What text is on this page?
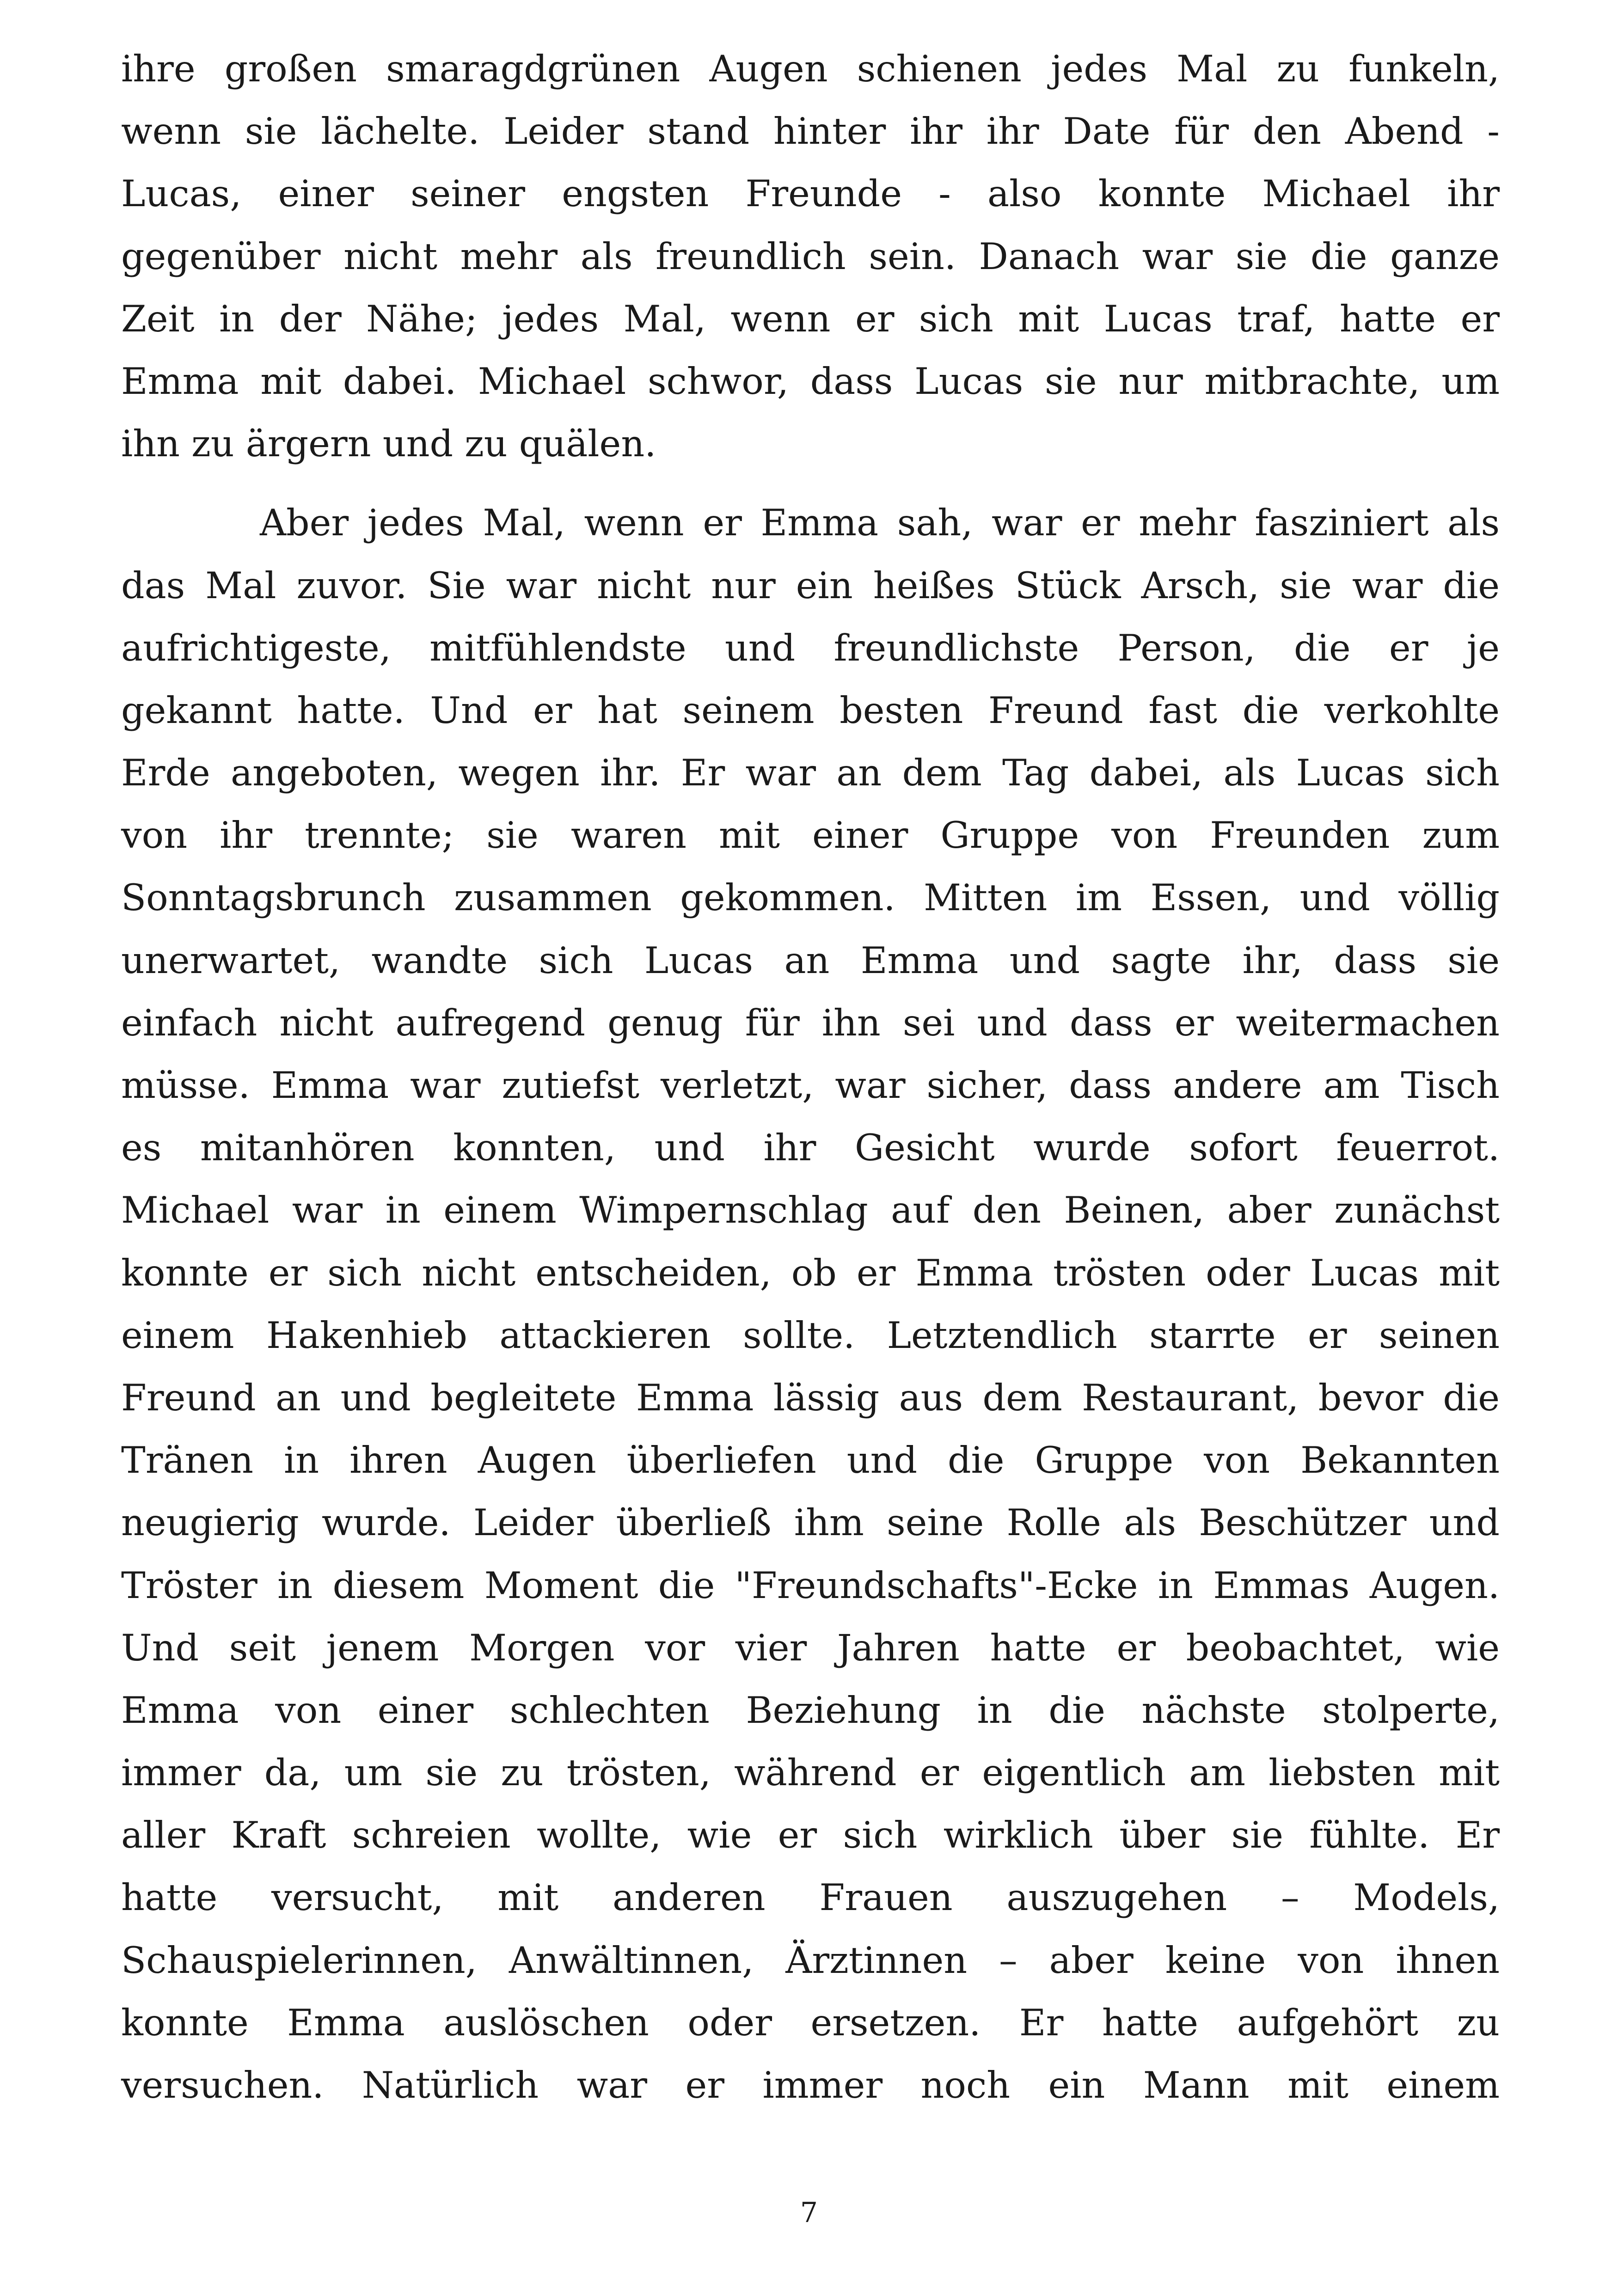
ihre großen smaragdgrünen Augen schienen jedes Mal zu funkeln,
wenn sie lächelte. Leider stand hinter ihr ihr Date für den Abend -
Lucas, einer seiner engsten Freunde - also konnte Michael ihr
gegenüber nicht mehr als freundlich sein. Danach war sie die ganze
Zeit in der Nähe; jedes Mal, wenn er sich mit Lucas traf, hatte er
Emma mit dabei. Michael schwor, dass Lucas sie nur mitbrachte, um
ihn zu ärgern und zu quälen.
Aber jedes Mal, wenn er Emma sah, war er mehr fasziniert als
das Mal zuvor. Sie war nicht nur ein heißes Stück Arsch, sie war die
aufrichtigeste, mitfühlendste und freundlichste Person, die er je
gekannt hatte. Und er hat seinem besten Freund fast die verkohlte
Erde angeboten, wegen ihr. Er war an dem Tag dabei, als Lucas sich
von ihr trennte; sie waren mit einer Gruppe von Freunden zum
Sonntagsbrunch zusammen gekommen. Mitten im Essen, und völlig
unerwartet, wandte sich Lucas an Emma und sagte ihr, dass sie
einfach nicht aufregend genug für ihn sei und dass er weitermachen
müsse. Emma war zutiefst verletzt, war sicher, dass andere am Tisch
es mitanhören konnten, und ihr Gesicht wurde sofort feuerrot.
Michael war in einem Wimpernschlag auf den Beinen, aber zunächst
konnte er sich nicht entscheiden, ob er Emma trösten oder Lucas mit
einem Hakenhieb attackieren sollte. Letztendlich starrte er seinen
Freund an und begleitete Emma lässig aus dem Restaurant, bevor die
Tränen in ihren Augen überliefen und die Gruppe von Bekannten
neugierig wurde. Leider überließ ihm seine Rolle als Beschützer und
Tröster in diesem Moment die "Freundschafts"-Ecke in Emmas Augen.
Und seit jenem Morgen vor vier Jahren hatte er beobachtet, wie
Emma von einer schlechten Beziehung in die nächste stolperte,
immer da, um sie zu trösten, während er eigentlich am liebsten mit
aller Kraft schreien wollte, wie er sich wirklich über sie fühlte. Er
hatte versucht, mit anderen Frauen auszugehen – Models,
Schauspielerinnen, Anwältinnen, Ärztinnen – aber keine von ihnen
konnte Emma auslöschen oder ersetzen. Er hatte aufgehört zu
versuchen. Natürlich war er immer noch ein Mann mit einem
7
